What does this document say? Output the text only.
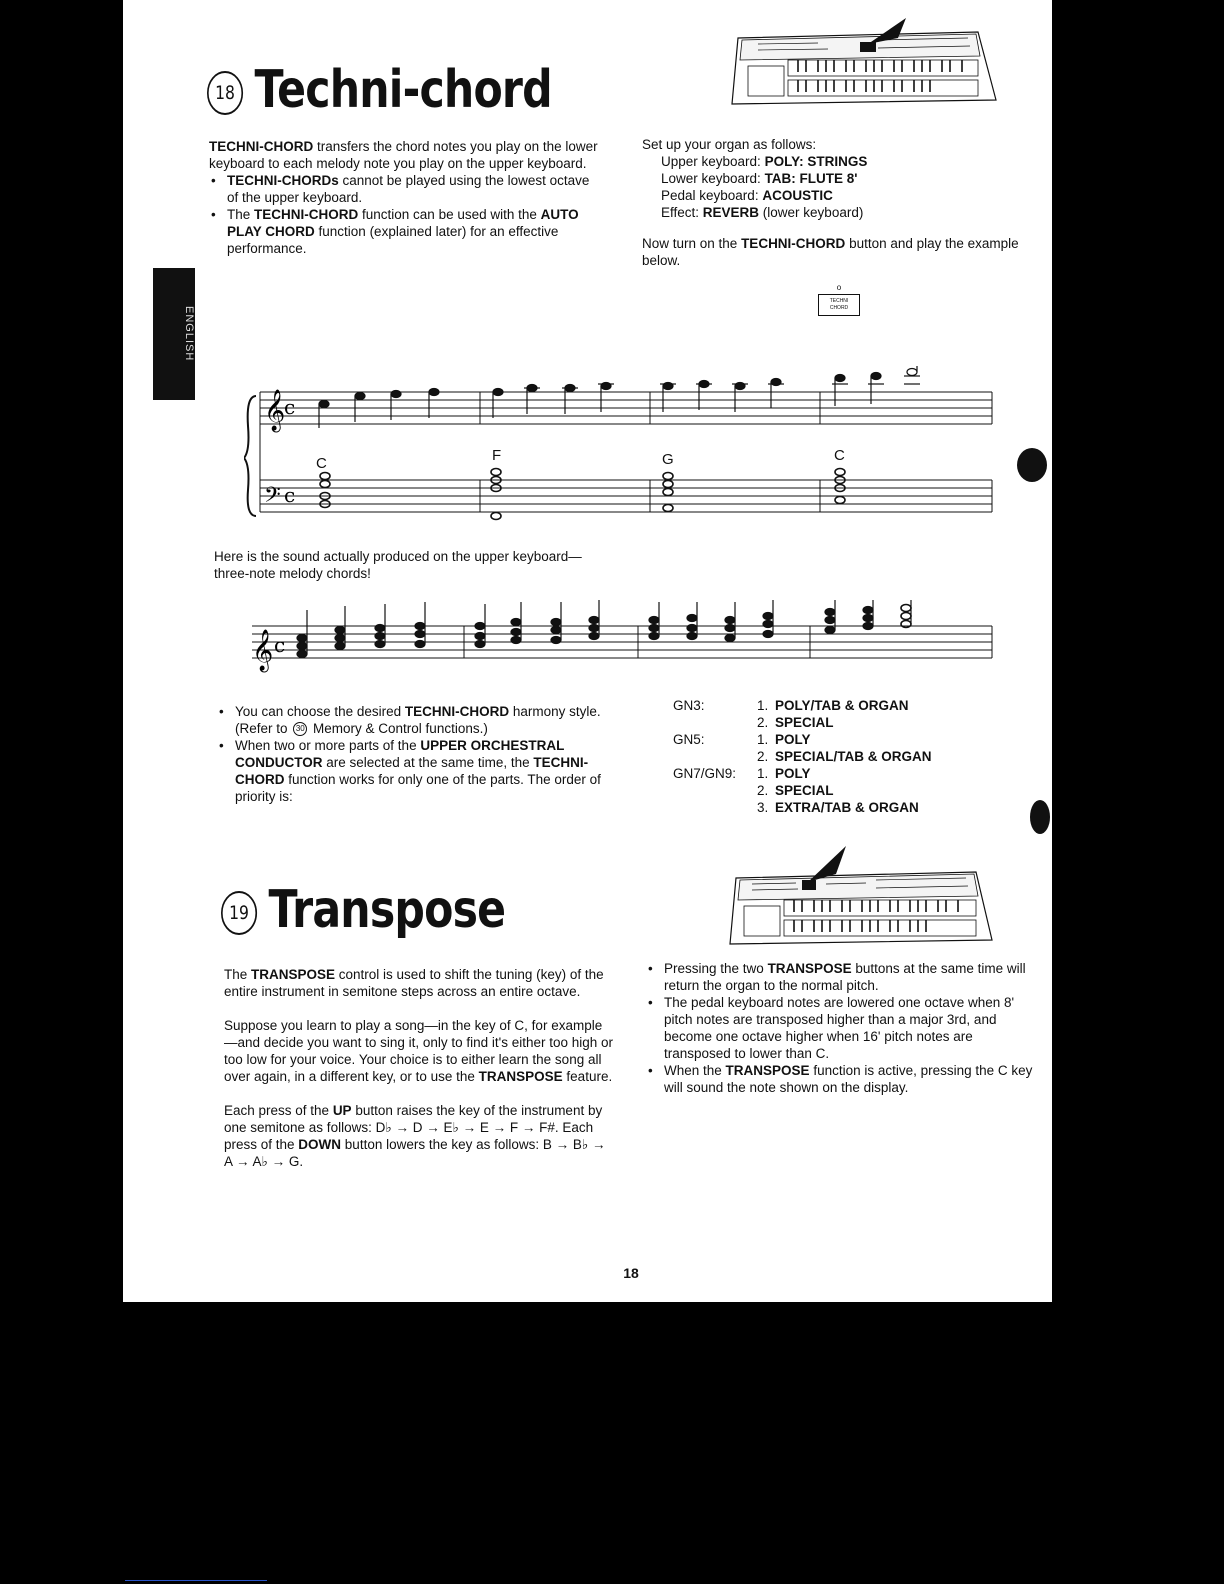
ENGLISH
18 Techni-chord

TECHNI-CHORD transfers the chord notes you play on the lower keyboard to each melody note you play on the upper keyboard.

• TECHNI-CHORDs cannot be played using the lowest octave of the upper keyboard.
• The TECHNI-CHORD function can be used with the AUTO PLAY CHORD function (explained later) for an effective performance.
Set up your organ as follows:
Upper keyboard: POLY: STRINGS
Lower keyboard: TAB: FLUTE 8'
Pedal keyboard: ACOUSTIC
Effect: REVERB (lower keyboard)
Now turn on the TECHNI-CHORD button and play the example below.
o
TECHNI
CHORD
𝄞
c
𝄢 c
C	F	G	C
Here is the sound actually produced on the upper keyboard—three-note melody chords!
𝄞 c
• You can choose the desired TECHNI-CHORD harmony style. (Refer to 30 Memory & Control functions.)
• When two or more parts of the UPPER ORCHESTRAL CONDUCTOR are selected at the same time, the TECHNI-CHORD function works for only one of the parts. The order of priority is:
GN3:	1.	POLY/TAB & ORGAN
	2.	SPECIAL
GN5:	1.	POLY
	2.	SPECIAL/TAB & ORGAN
GN7/GN9:	1.	POLY
	2.	SPECIAL
	3.	EXTRA/TAB & ORGAN
19 Transpose

The TRANSPOSE control is used to shift the tuning (key) of the entire instrument in semitone steps across an entire octave.

Suppose you learn to play a song—in the key of C, for example—and decide you want to sing it, only to find it's either too high or too low for your voice. Your choice is to either learn the song all over again, in a different key, or to use the TRANSPOSE feature.

Each press of the UP button raises the key of the instrument by one semitone as follows: D♭ → D → E♭ → E → F → F#. Each press of the DOWN button lowers the key as follows: B → B♭ → A → A♭ → G.

• Pressing the two TRANSPOSE buttons at the same time will return the organ to the normal pitch.
• The pedal keyboard notes are lowered one octave when 8' pitch notes are transposed higher than a major 3rd, and become one octave higher when 16' pitch notes are transposed to lower than C.
• When the TRANSPOSE function is active, pressing the C key will sound the note shown on the display.
18
